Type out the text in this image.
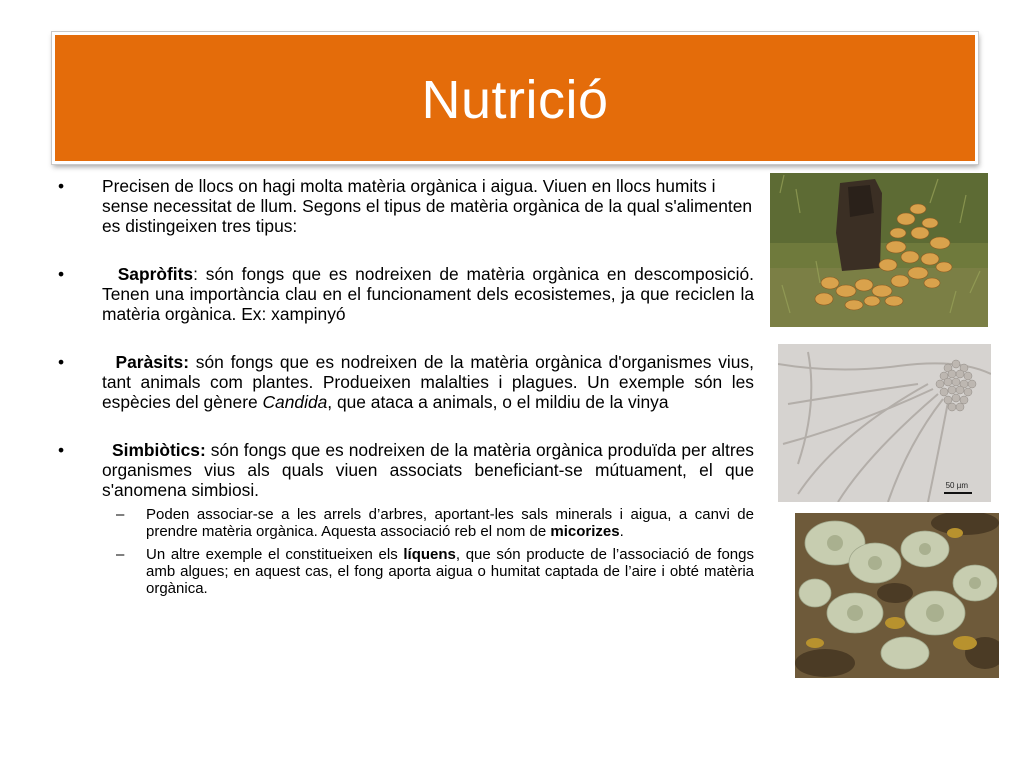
Nutrició
• Precisen de llocs on hagi molta matèria orgànica i aigua. Viuen en llocs humits i sense necessitat de llum. Segons el tipus de matèria orgànica de la qual s'alimenten es distingeixen tres tipus:
• Sapròfits: són fongs que es nodreixen de matèria orgànica en descomposició. Tenen una importància clau en el funcionament dels ecosistemes, ja que reciclen la matèria orgànica. Ex: xampinyó
• Paràsits: són fongs que es nodreixen de la matèria orgànica d'organismes vius, tant animals com plantes. Produeixen malalties i plagues. Un exemple són les espècies del gènere Candida, que ataca a animals, o el mildiu de la vinya
• Simbiòtics: són fongs que es nodreixen de la matèria orgànica produïda per altres organismes vius als quals viuen associats beneficiant-se mútuament, el que s'anomena simbiosi.
– Poden associar-se a les arrels d’arbres, aportant-les sals minerals i aigua, a canvi de prendre matèria orgànica. Aquesta associació reb el nom de micorizes.
– Un altre exemple el constitueixen els líquens, que són producte de l’associació de fongs amb algues; en aquest cas, el fong aporta aigua o humitat captada de l’aire i obté matèria orgànica.
50 µm
